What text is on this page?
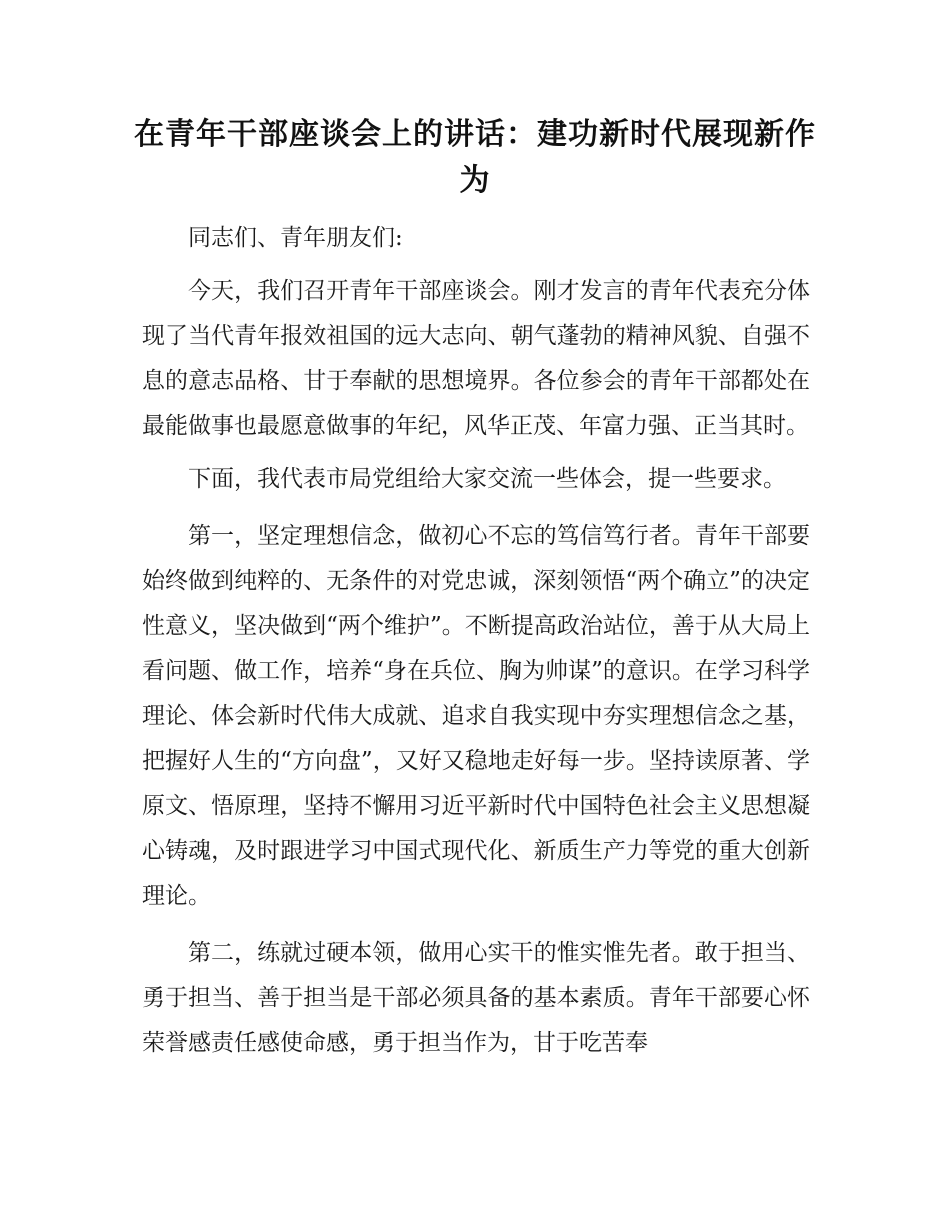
在青年干部座谈会上的讲话：建功新时代展现新作为

同志们、青年朋友们:

今天，我们召开青年干部座谈会。刚才发言的青年代表充分体现了当代青年报效祖国的远大志向、朝气蓬勃的精神风貌、自强不息的意志品格、甘于奉献的思想境界。各位参会的青年干部都处在最能做事也最愿意做事的年纪，风华正茂、年富力强、正当其时。

下面，我代表市局党组给大家交流一些体会，提一些要求。

第一，坚定理想信念，做初心不忘的笃信笃行者。青年干部要始终做到纯粹的、无条件的对党忠诚，深刻领悟“两个确立”的决定性意义，坚决做到“两个维护”。不断提高政治站位，善于从大局上看问题、做工作，培养“身在兵位、胸为帅谋”的意识。在学习科学理论、体会新时代伟大成就、追求自我实现中夯实理想信念之基，把握好人生的“方向盘”，又好又稳地走好每一步。坚持读原著、学原文、悟原理，坚持不懈用习近平新时代中国特色社会主义思想凝心铸魂，及时跟进学习中国式现代化、新质生产力等党的重大创新理论。

第二，练就过硬本领，做用心实干的惟实惟先者。敢于担当、勇于担当、善于担当是干部必须具备的基本素质。青年干部要心怀荣誉感责任感使命感，勇于担当作为，甘于吃苦奉
